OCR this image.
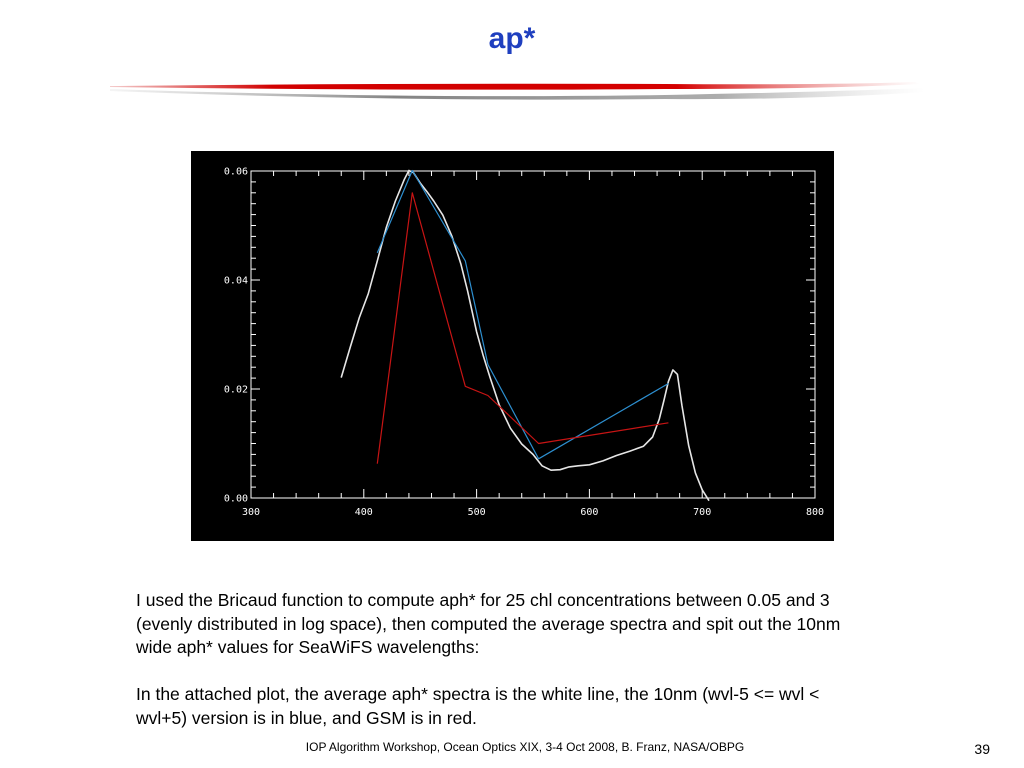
ap*
300	400	500	600	700	800
0.00
0.02
0.04
0.06

I used the Bricaud function to compute aph* for 25 chl concentrations between 0.05 and 3 (evenly distributed in log space), then computed the average spectra and spit out the 10nm wide aph* values for SeaWiFS wavelengths:

In the attached plot, the average aph* spectra is the white line, the 10nm (wvl-5 <= wvl < wvl+5) version is in blue, and GSM is in red.

IOP Algorithm Workshop, Ocean Optics XIX, 3-4 Oct 2008, B. Franz, NASA/OBPG	39
